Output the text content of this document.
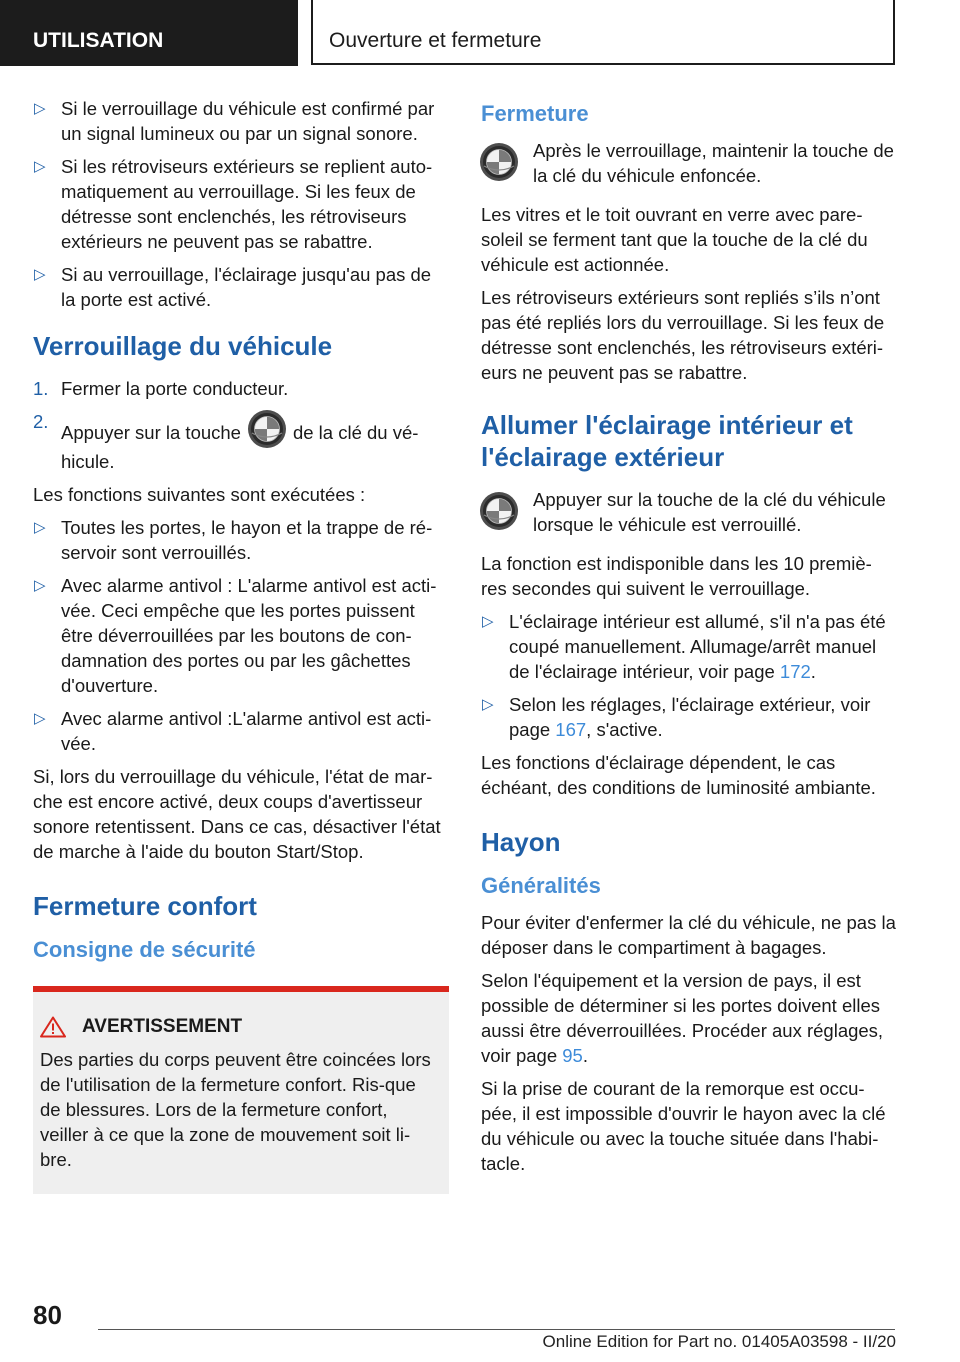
UTILISATION	Ouverture et fermeture
▷ Si le verrouillage du véhicule est confirmé par un signal lumineux ou par un signal sonore.
▷ Si les rétroviseurs extérieurs se replient auto-matiquement au verrouillage. Si les feux de détresse sont enclenchés, les rétroviseurs extérieurs ne peuvent pas se rabattre.
▷ Si au verrouillage, l'éclairage jusqu'au pas de la porte est activé.
Verrouillage du véhicule
1. Fermer la porte conducteur.
2.
Appuyer sur la touche	de la clé du vé-hicule.

Les fonctions suivantes sont exécutées :

▷ Toutes les portes, le hayon et la trappe de ré-servoir sont verrouillés.
▷ Avec alarme antivol : L'alarme antivol est acti-vée. Ceci empêche que les portes puissent être déverrouillées par les boutons de con-damnation des portes ou par les gâchettes d'ouverture.
▷ Avec alarme antivol :L'alarme antivol est acti-vée.

Si, lors du verrouillage du véhicule, l'état de mar-che est encore activé, deux coups d'avertisseur sonore retentissent. Dans ce cas, désactiver l'état de marche à l'aide du bouton Start/Stop.

Fermeture confort
Consigne de sécurité
AVERTISSEMENT
Des parties du corps peuvent être coincées lors de l'utilisation de la fermeture confort. Ris-que de blessures. Lors de la fermeture confort, veiller à ce que la zone de mouvement soit li-bre.
Fermeture
Après le verrouillage, maintenir la touche de la clé du véhicule enfoncée.

Les vitres et le toit ouvrant en verre avec pare-soleil se ferment tant que la touche de la clé du véhicule est actionnée.

Les rétroviseurs extérieurs sont repliés s’ils n’ont pas été repliés lors du verrouillage. Si les feux de détresse sont enclenchés, les rétroviseurs extéri-eurs ne peuvent pas se rabattre.

Allumer l'éclairage intérieur et l'éclairage extérieur
Appuyer sur la touche de la clé du véhicule lorsque le véhicule est verrouillé.

La fonction est indisponible dans les 10 premiè-res secondes qui suivent le verrouillage.

▷ L'éclairage intérieur est allumé, s'il n'a pas été coupé manuellement. Allumage/arrêt manuel de l'éclairage intérieur, voir page 172.
▷ Selon les réglages, l'éclairage extérieur, voir page 167, s'active.

Les fonctions d'éclairage dépendent, le cas échéant, des conditions de luminosité ambiante.

Hayon
Généralités

Pour éviter d'enfermer la clé du véhicule, ne pas la déposer dans le compartiment à bagages.

Selon l'équipement et la version de pays, il est possible de déterminer si les portes doivent elles aussi être déverrouillées. Procéder aux réglages, voir page 95.

Si la prise de courant de la remorque est occu-pée, il est impossible d'ouvrir le hayon avec la clé du véhicule ou avec la touche située dans l'habi-tacle.

80
Online Edition for Part no. 01405A03598 - II/20
